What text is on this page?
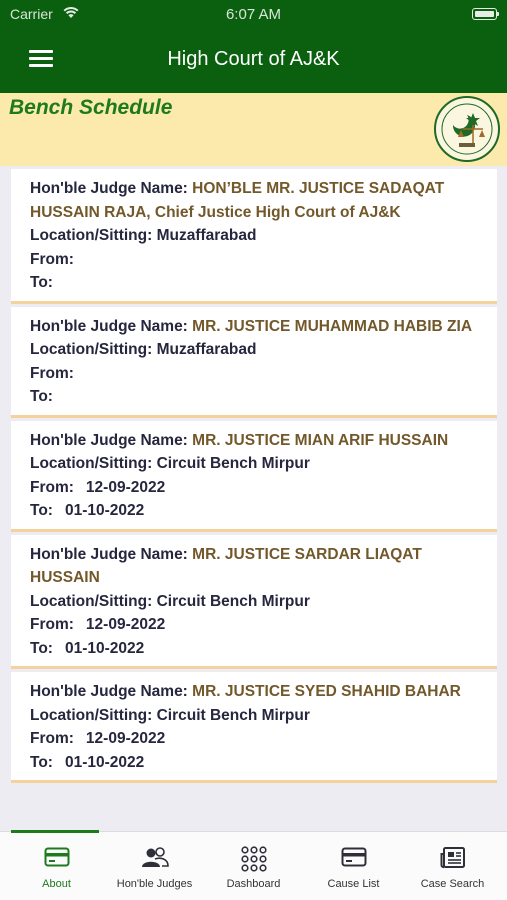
Carrier	6:07 AM
High Court of AJ&K
Bench Schedule
Hon'ble Judge Name: HON’BLE MR. JUSTICE SADAQAT HUSSAIN RAJA, Chief Justice High Court of AJ&K
Location/Sitting: Muzaffarabad
From:
To:
Hon'ble Judge Name: MR. JUSTICE MUHAMMAD HABIB ZIA
Location/Sitting: Muzaffarabad
From:
To:
Hon'ble Judge Name: MR. JUSTICE MIAN ARIF HUSSAIN
Location/Sitting: Circuit Bench Mirpur
From: 12-09-2022
To: 01-10-2022
Hon'ble Judge Name: MR. JUSTICE SARDAR LIAQAT HUSSAIN
Location/Sitting: Circuit Bench Mirpur
From: 12-09-2022
To: 01-10-2022
Hon'ble Judge Name: MR. JUSTICE SYED SHAHID BAHAR
Location/Sitting: Circuit Bench Mirpur
From: 12-09-2022
To: 01-10-2022
About	Hon'ble Judges	Dashboard	Cause List	Case Search
